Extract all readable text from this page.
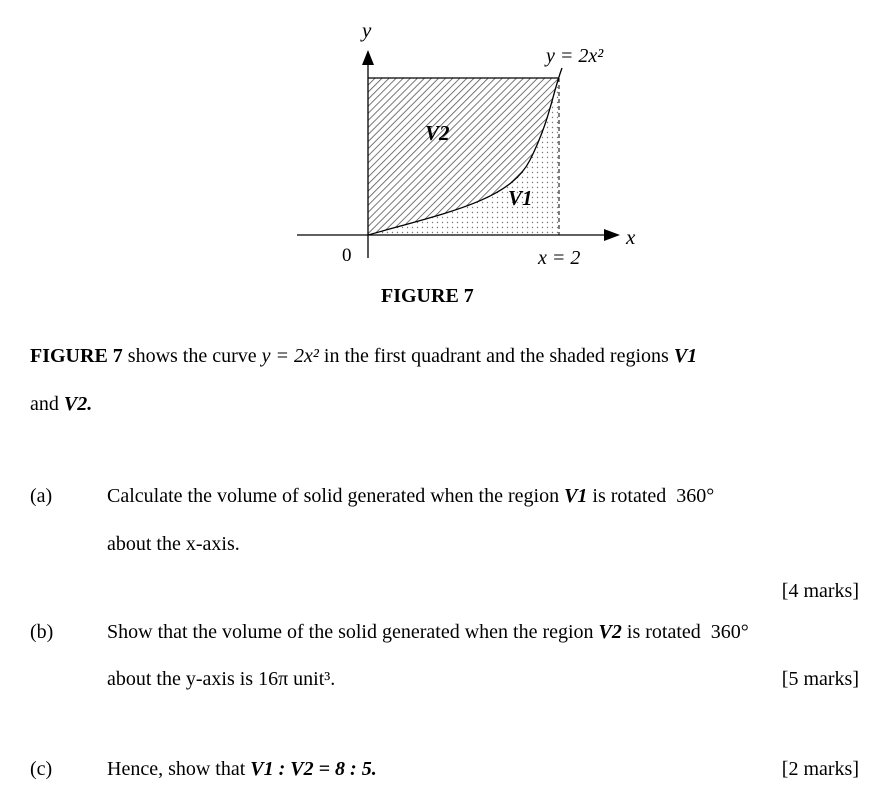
y
x
0
y = 2x²
x = 2
V2
V1
FIGURE 7
FIGURE 7 shows the curve y = 2x² in the first quadrant and the shaded regions V1
and V2.
(a)	Calculate the volume of solid generated when the region V1 is rotated  360°
about the x-axis.
[4 marks]
(b)	Show that the volume of the solid generated when the region V2 is rotated  360°
about the y-axis is 16π unit³.	[5 marks]
(c)	Hence, show that V1 : V2 = 8 : 5.	[2 marks]
